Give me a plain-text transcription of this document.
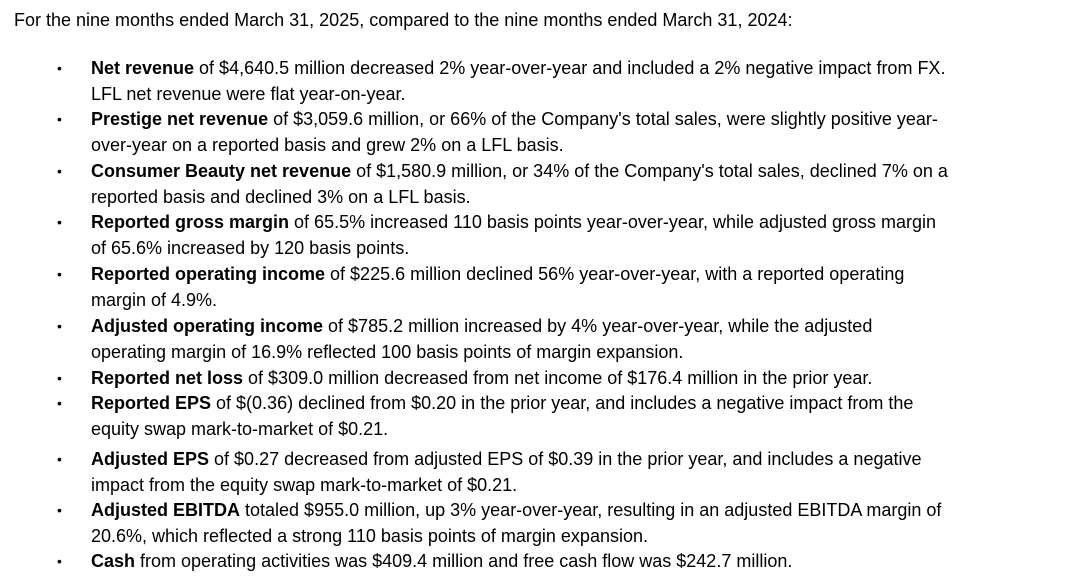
For the nine months ended March 31, 2025, compared to the nine months ended March 31, 2024:

• Net revenue of $4,640.5 million decreased 2% year-over-year and included a 2% negative impact from FX.
LFL net revenue were flat year-on-year.

• Prestige net revenue of $3,059.6 million, or 66% of the Company's total sales, were slightly positive year-
over-year on a reported basis and grew 2% on a LFL basis.

• Consumer Beauty net revenue of $1,580.9 million, or 34% of the Company's total sales, declined 7% on a
reported basis and declined 3% on a LFL basis.

• Reported gross margin of 65.5% increased 110 basis points year-over-year, while adjusted gross margin
of 65.6% increased by 120 basis points.

• Reported operating income of $225.6 million declined 56% year-over-year, with a reported operating
margin of 4.9%.

• Adjusted operating income of $785.2 million increased by 4% year-over-year, while the adjusted
operating margin of 16.9% reflected 100 basis points of margin expansion.

• Reported net loss of $309.0 million decreased from net income of $176.4 million in the prior year.

• Reported EPS of $(0.36) declined from $0.20 in the prior year, and includes a negative impact from the
equity swap mark-to-market of $0.21.

• Adjusted EPS of $0.27 decreased from adjusted EPS of $0.39 in the prior year, and includes a negative
impact from the equity swap mark-to-market of $0.21.

• Adjusted EBITDA totaled $955.0 million, up 3% year-over-year, resulting in an adjusted EBITDA margin of
20.6%, which reflected a strong 110 basis points of margin expansion.

• Cash from operating activities was $409.4 million and free cash flow was $242.7 million.
